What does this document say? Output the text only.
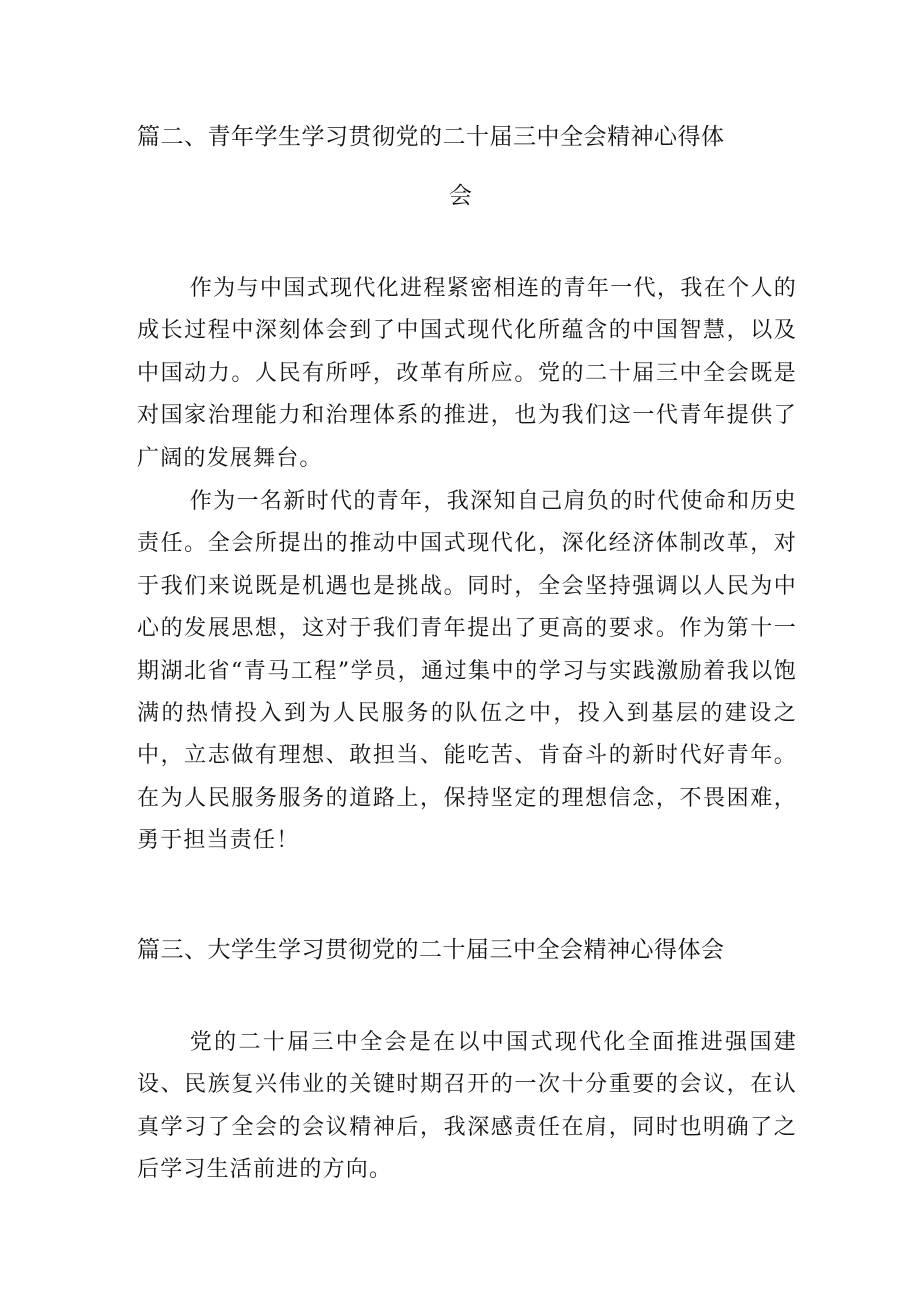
篇二、青年学生学习贯彻党的二十届三中全会精神心得体
会

作为与中国式现代化进程紧密相连的青年一代，我在个人的成长过程中深刻体会到了中国式现代化所蕴含的中国智慧，以及中国动力。人民有所呼，改革有所应。党的二十届三中全会既是对国家治理能力和治理体系的推进，也为我们这一代青年提供了广阔的发展舞台。

作为一名新时代的青年，我深知自己肩负的时代使命和历史责任。全会所提出的推动中国式现代化，深化经济体制改革，对于我们来说既是机遇也是挑战。同时，全会坚持强调以人民为中心的发展思想，这对于我们青年提出了更高的要求。作为第十一期湖北省“青马工程”学员，通过集中的学习与实践激励着我以饱满的热情投入到为人民服务的队伍之中，投入到基层的建设之中，立志做有理想、敢担当、能吃苦、肯奋斗的新时代好青年。在为人民服务服务的道路上，保持坚定的理想信念，不畏困难，勇于担当责任！

篇三、大学生学习贯彻党的二十届三中全会精神心得体会

党的二十届三中全会是在以中国式现代化全面推进强国建设、民族复兴伟业的关键时期召开的一次十分重要的会议，在认真学习了全会的会议精神后，我深感责任在肩，同时也明确了之后学习生活前进的方向。
